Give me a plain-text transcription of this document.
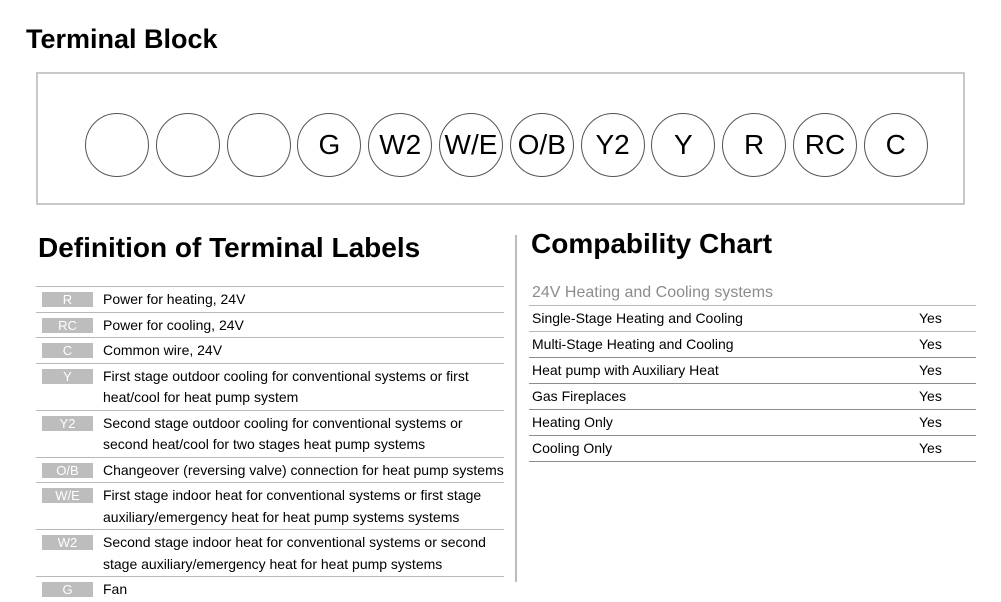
Terminal Block
G	W2 W/E O/B	Y2	Y	R	RC	C
Definition of Terminal Labels
R	Power for heating, 24V
RC	Power for cooling, 24V
C	Common wire, 24V
Y	First stage outdoor cooling for conventional systems or first heat/cool for heat pump system
Y2	Second stage outdoor cooling for conventional systems or second heat/cool for two stages heat pump systems
O/B	Changeover (reversing valve) connection for heat pump systems
W/E	First stage indoor heat for conventional systems or first stage auxiliary/emergency heat for heat pump systems systems
W2	Second stage indoor heat for conventional systems or second stage auxiliary/emergency heat for heat pump systems
G	Fan
Compability Chart
24V Heating and Cooling systems
Single-Stage Heating and Cooling	Yes
Multi-Stage Heating and Cooling	Yes
Heat pump with Auxiliary Heat	Yes
Gas Fireplaces	Yes
Heating Only	Yes
Cooling Only	Yes
